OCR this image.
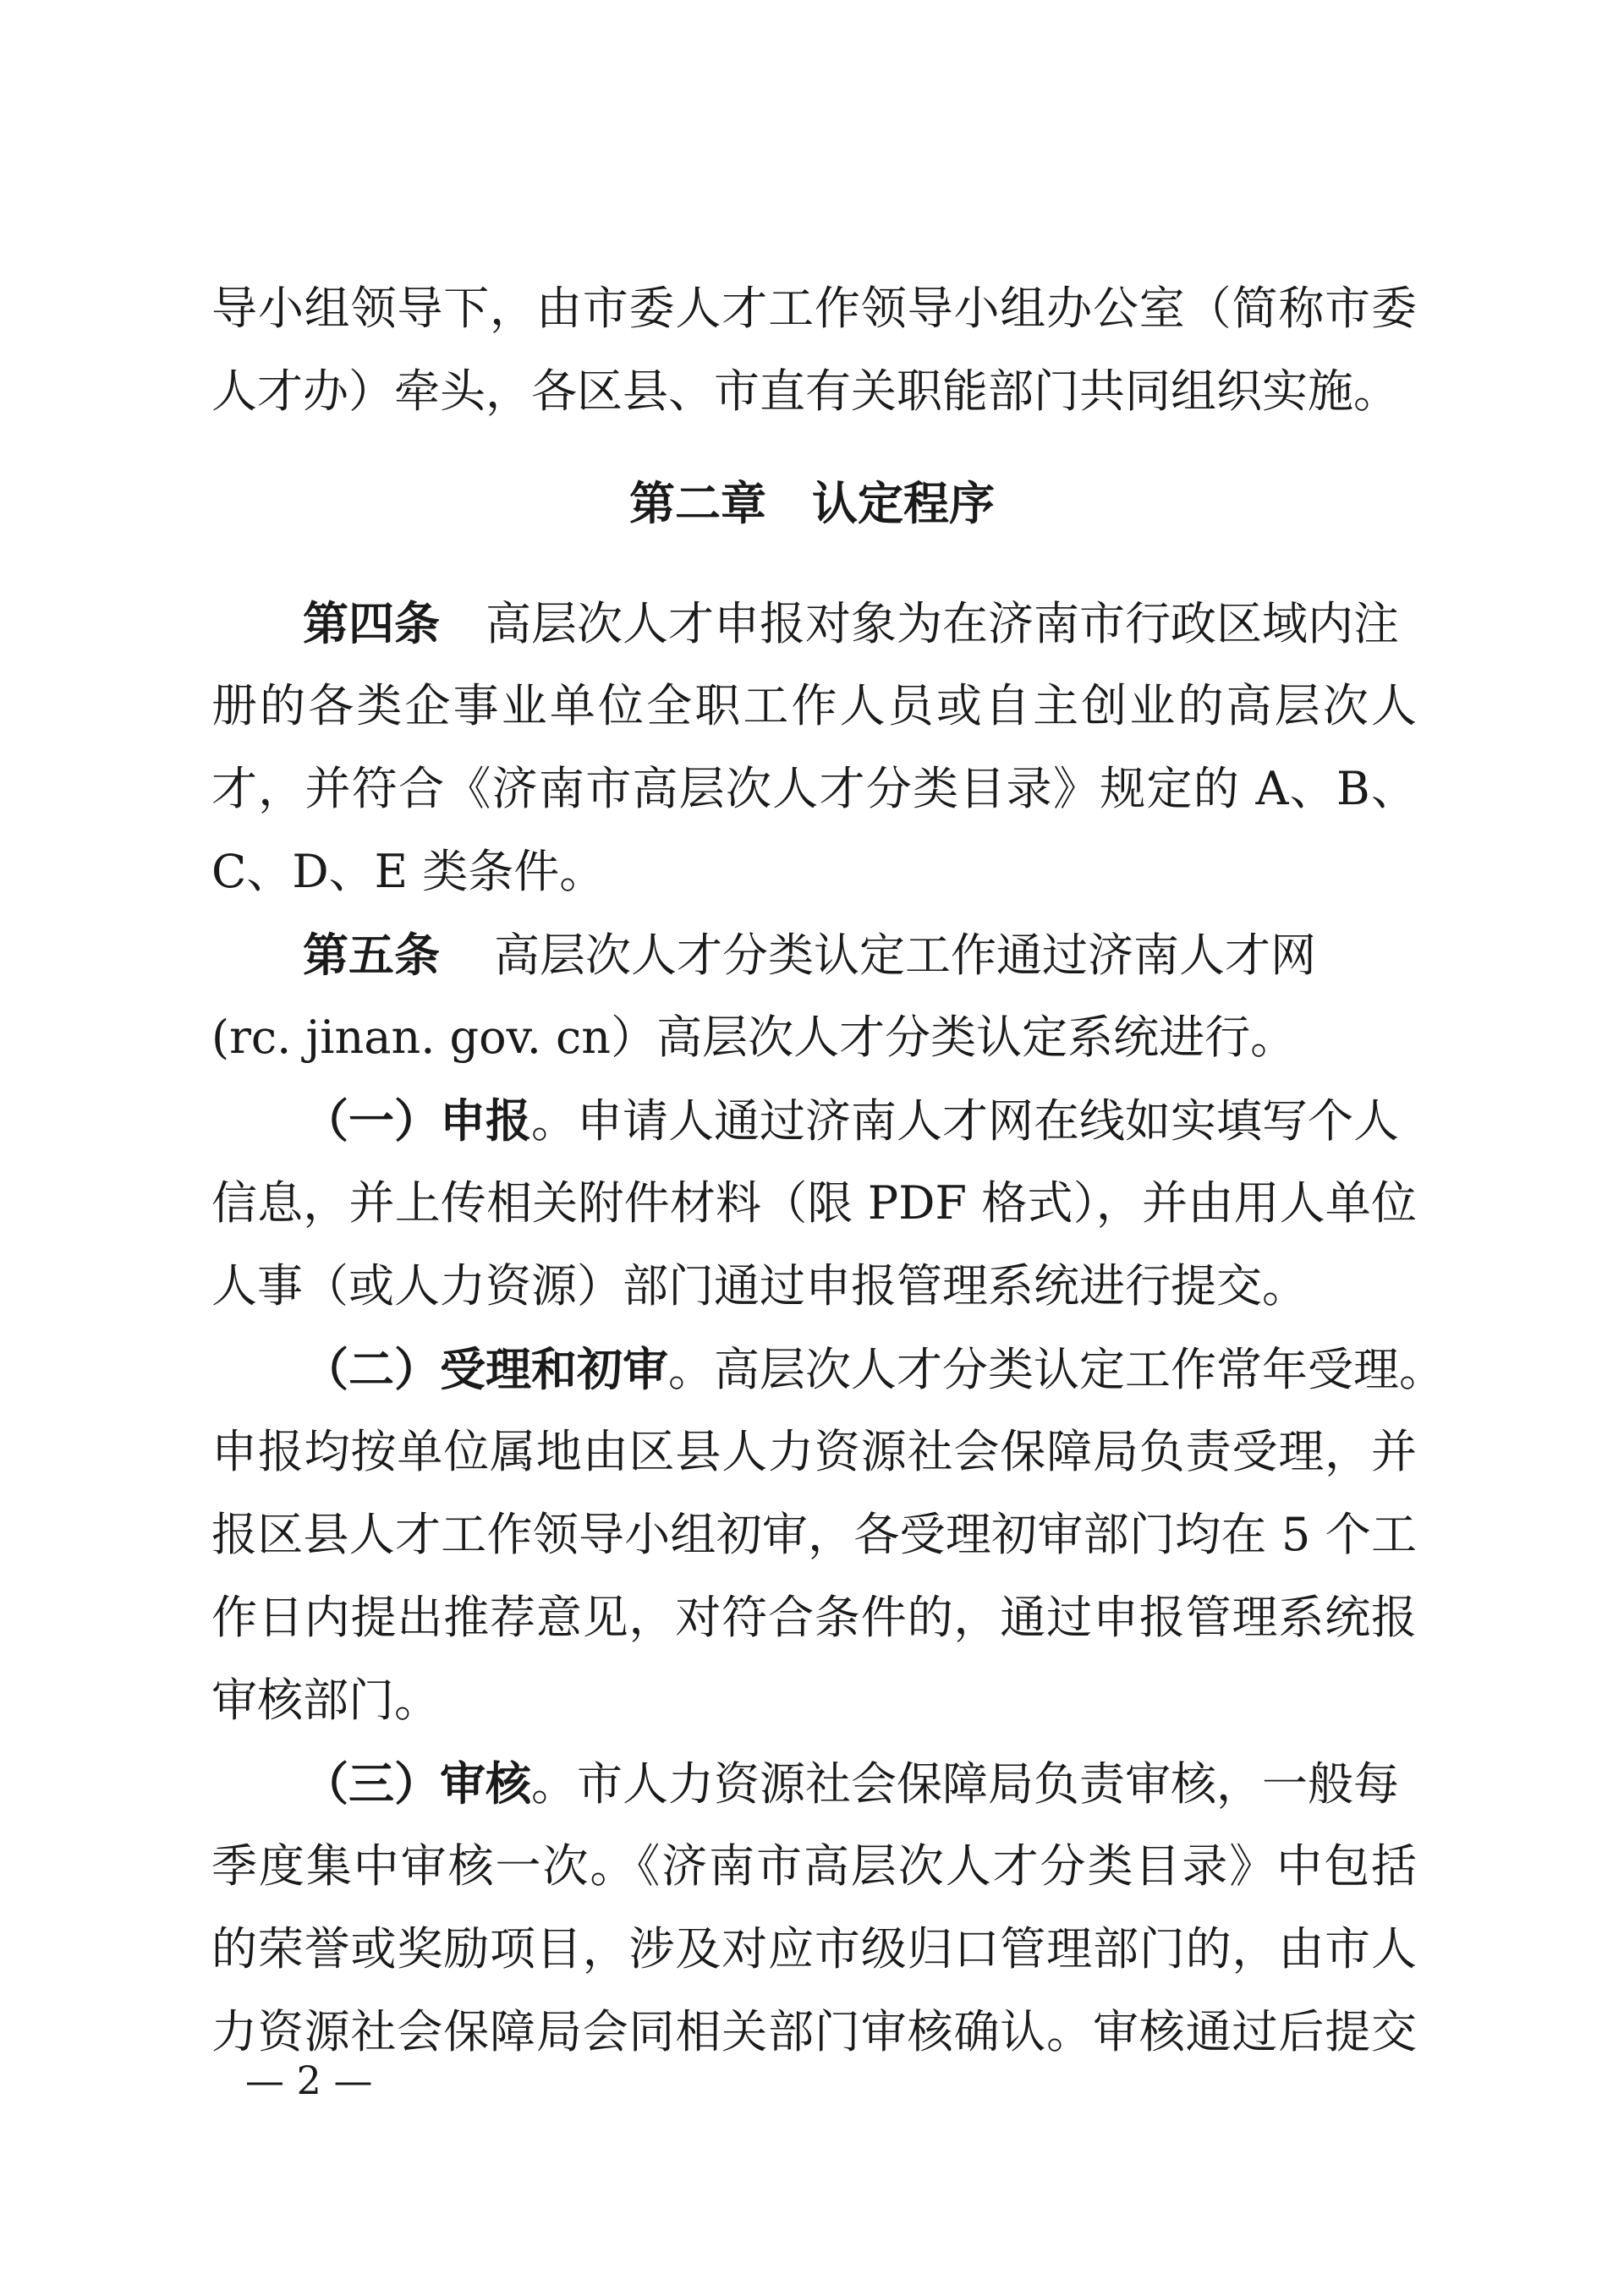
导小组领导下，由市委人才工作领导小组办公室（简称市委
人才办）牵头，各区县、市直有关职能部门共同组织实施。
第二章　认定程序
第四条 高层次人才申报对象为在济南市行政区域内注
册的各类企事业单位全职工作人员或自主创业的高层次人
才，并符合《济南市高层次人才分类目录》规定的 A、B、
C、D、E 类条件。
第五条 高层次人才分类认定工作通过济南人才网
(rc. jinan. gov. cn）高层次人才分类认定系统进行。
（一）申报。申请人通过济南人才网在线如实填写个人
信息，并上传相关附件材料（限 PDF 格式），并由用人单位
人事（或人力资源）部门通过申报管理系统进行提交。
（二）受理和初审。高层次人才分类认定工作常年受理。
申报均按单位属地由区县人力资源社会保障局负责受理，并
报区县人才工作领导小组初审，各受理初审部门均在 5 个工
作日内提出推荐意见，对符合条件的，通过申报管理系统报
审核部门。
（三）审核。市人力资源社会保障局负责审核，一般每
季度集中审核一次。《济南市高层次人才分类目录》中包括
的荣誉或奖励项目，涉及对应市级归口管理部门的，由市人
力资源社会保障局会同相关部门审核确认。审核通过后提交
— 2 —
